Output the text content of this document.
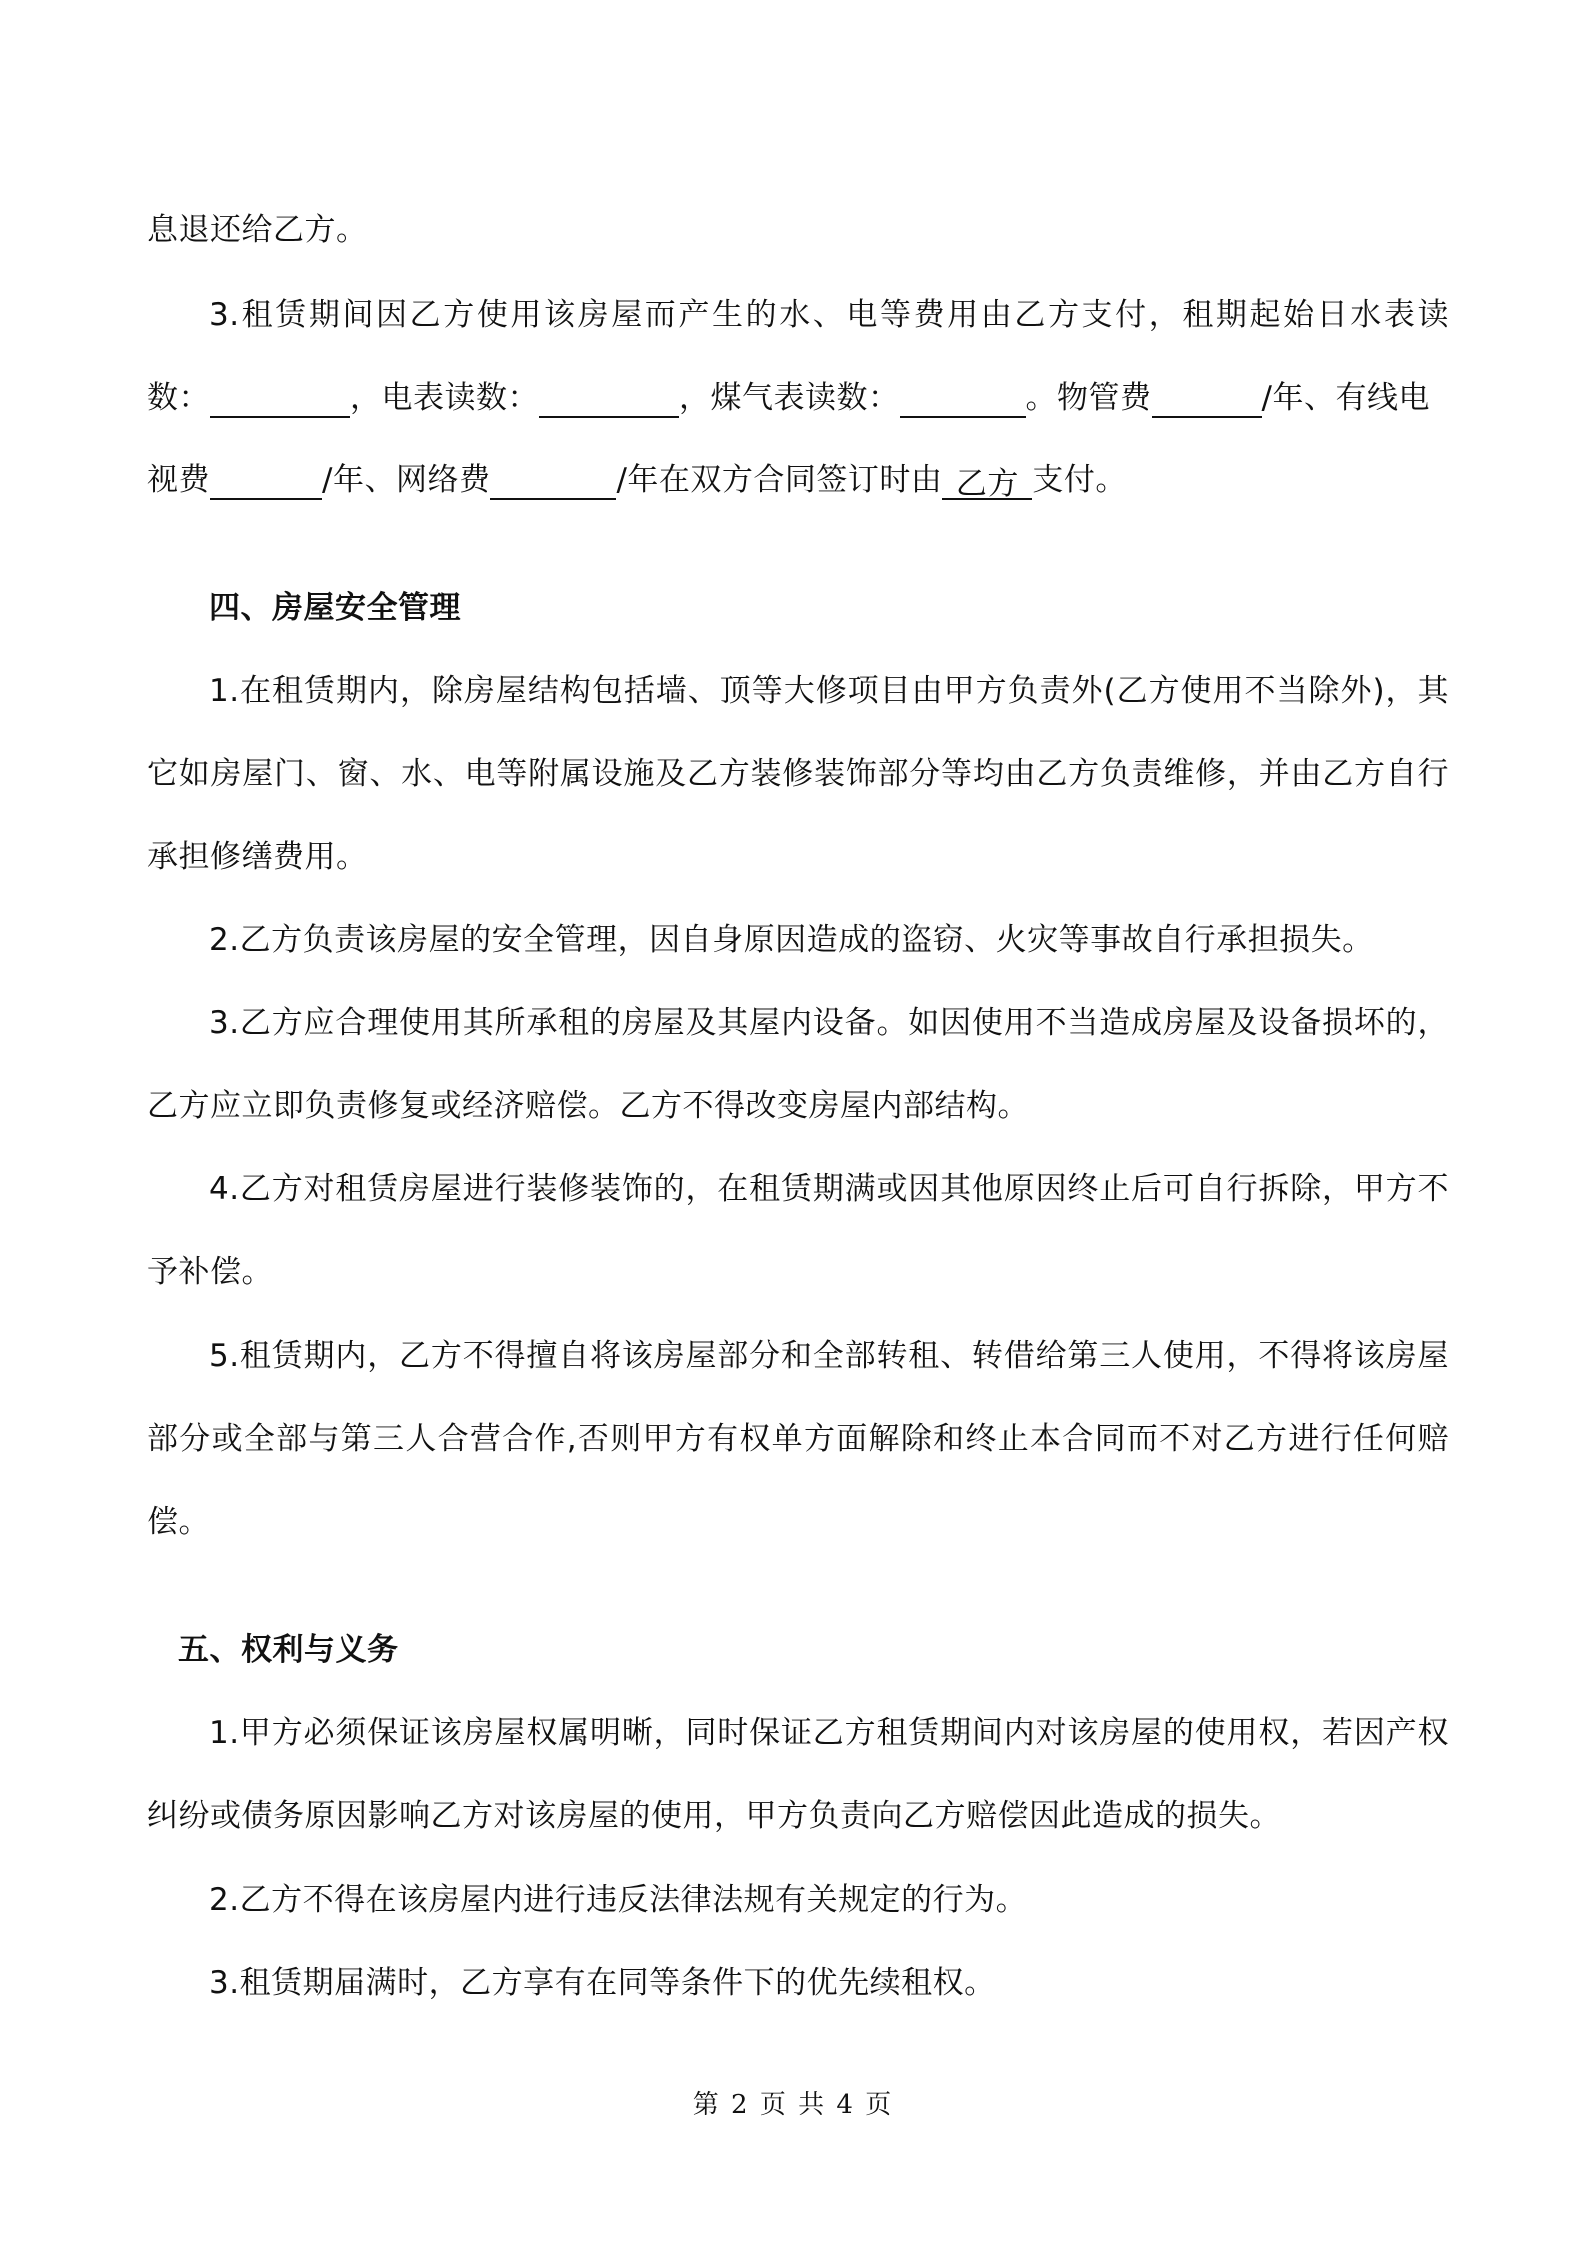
息退还给乙方。
3.租赁期间因乙方使用该房屋而产生的水、电等费用由乙方支付，租期起始日水表读
数：	，电表读数：	，煤气表读数：	。物管费	/年、有线电
视费	/年、网络费	/年在双方合同签订时由 乙方 支付。
四、房屋安全管理
1.在租赁期内，除房屋结构包括墙、顶等大修项目由甲方负责外(乙方使用不当除外)，其
它如房屋门、窗、水、电等附属设施及乙方装修装饰部分等均由乙方负责维修，并由乙方自行
承担修缮费用。
2.乙方负责该房屋的安全管理，因自身原因造成的盗窃、火灾等事故自行承担损失。
3.乙方应合理使用其所承租的房屋及其屋内设备。如因使用不当造成房屋及设备损坏的，
乙方应立即负责修复或经济赔偿。乙方不得改变房屋内部结构。
4.乙方对租赁房屋进行装修装饰的，在租赁期满或因其他原因终止后可自行拆除，甲方不
予补偿。
5.租赁期内，乙方不得擅自将该房屋部分和全部转租、转借给第三人使用，不得将该房屋
部分或全部与第三人合营合作,否则甲方有权单方面解除和终止本合同而不对乙方进行任何赔
偿。
五、权利与义务
1.甲方必须保证该房屋权属明晰，同时保证乙方租赁期间内对该房屋的使用权，若因产权
纠纷或债务原因影响乙方对该房屋的使用，甲方负责向乙方赔偿因此造成的损失。
2.乙方不得在该房屋内进行违反法律法规有关规定的行为。
3.租赁期届满时，乙方享有在同等条件下的优先续租权。
第 2 页 共 4 页
